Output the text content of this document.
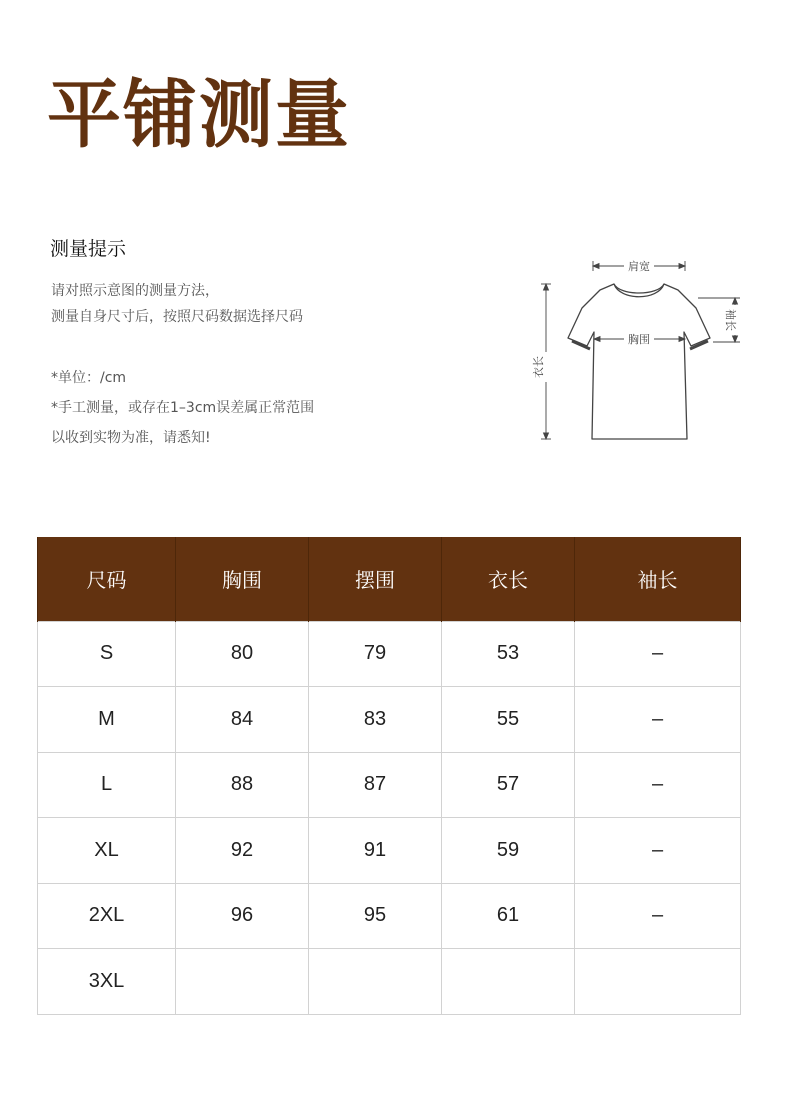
平铺测量
测量提示
请对照示意图的测量方法，
测量自身尺寸后，按照尺码数据选择尺码
*单位：/cm
*手工测量，或存在1–3cm误差属正常范围
以收到实物为准，请悉知!
肩宽
胸围
衣长
袖长
尺码	胸围	摆围	衣长	袖长
S	80	79	53	–
M	84	83	55	–
L	88	87	57	–
XL	92	91	59	–
2XL	96	95	61	–
3XL				
